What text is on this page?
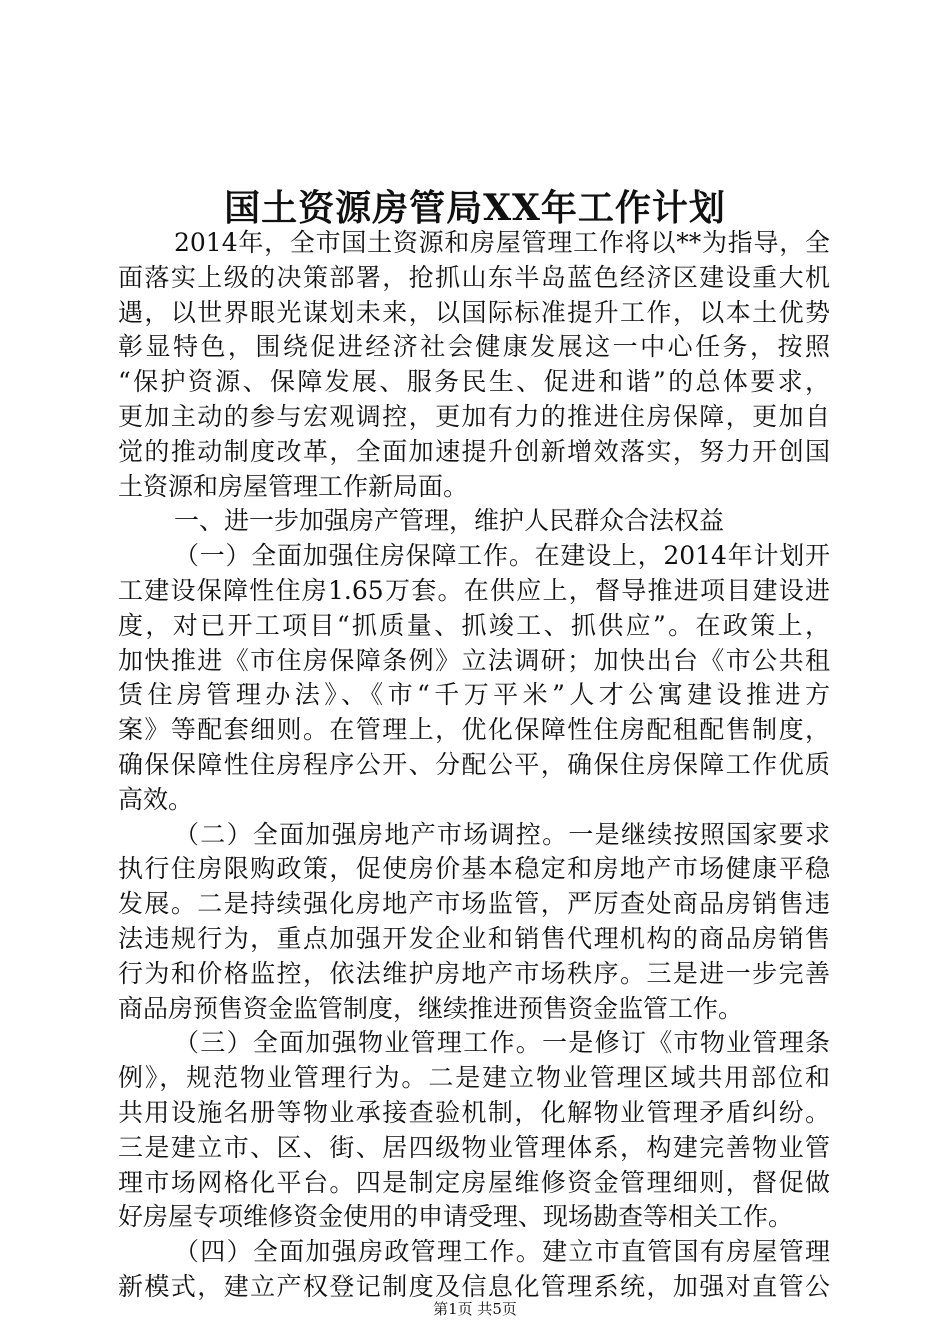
国土资源房管局XX年工作计划
2014年，全市国土资源和房屋管理工作将以**为指导，全
面落实上级的决策部署，抢抓山东半岛蓝色经济区建设重大机
遇，以世界眼光谋划未来，以国际标准提升工作，以本土优势
彰显特色，围绕促进经济社会健康发展这一中心任务，按照
“保护资源、保障发展、服务民生、促进和谐”的总体要求，
更加主动的参与宏观调控，更加有力的推进住房保障，更加自
觉的推动制度改革，全面加速提升创新增效落实，努力开创国
土资源和房屋管理工作新局面。
一、进一步加强房产管理，维护人民群众合法权益
（一）全面加强住房保障工作。在建设上，2014年计划开
工建设保障性住房1.65万套。在供应上，督导推进项目建设进
度，对已开工项目“抓质量、抓竣工、抓供应”。在政策上，
加快推进《市住房保障条例》立法调研；加快出台《市公共租
赁住房管理办法》、《市“千万平米”人才公寓建设推进方
案》等配套细则。在管理上，优化保障性住房配租配售制度，
确保保障性住房程序公开、分配公平，确保住房保障工作优质
高效。
（二）全面加强房地产市场调控。一是继续按照国家要求
执行住房限购政策，促使房价基本稳定和房地产市场健康平稳
发展。二是持续强化房地产市场监管，严厉查处商品房销售违
法违规行为，重点加强开发企业和销售代理机构的商品房销售
行为和价格监控，依法维护房地产市场秩序。三是进一步完善
商品房预售资金监管制度，继续推进预售资金监管工作。
（三）全面加强物业管理工作。一是修订《市物业管理条
例》，规范物业管理行为。二是建立物业管理区域共用部位和
共用设施名册等物业承接查验机制，化解物业管理矛盾纠纷。
三是建立市、区、街、居四级物业管理体系，构建完善物业管
理市场网格化平台。四是制定房屋维修资金管理细则，督促做
好房屋专项维修资金使用的申请受理、现场勘查等相关工作。
（四）全面加强房政管理工作。建立市直管国有房屋管理
新模式，建立产权登记制度及信息化管理系统，加强对直管公
第1页 共5页
